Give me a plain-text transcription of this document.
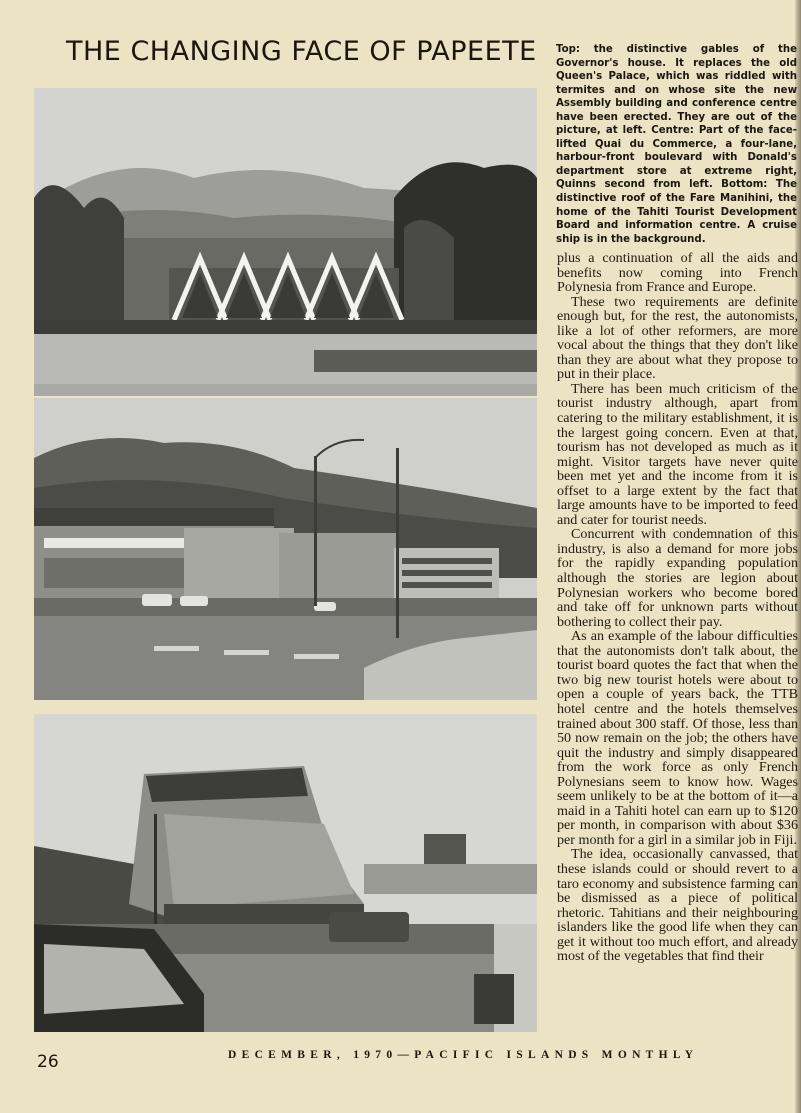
THE CHANGING FACE OF PAPEETE Top: the distinctive gables of the Governor's house. It replaces the old Queen's Palace, which was riddled with termites and on whose site the new Assembly building and conference centre have been erected. They are out of the picture, at left. Centre: Part of the face-lifted Quai du Commerce, a four-lane, harbour-front boulevard with Donald's department store at extreme right, Quinns second from left. Bottom: The distinctive roof of the Fare Manihini, the home of the Tahiti Tourist Development Board and information centre. A cruise ship is in the background.

plus a continuation of all the aids and benefits now coming into French Polynesia from France and Europe.

These two requirements are definite enough but, for the rest, the autonomists, like a lot of other reformers, are more vocal about the things that they don't like than they are about what they propose to put in their place.

There has been much criticism of the tourist industry although, apart from catering to the military establishment, it is the largest going concern. Even at that, tourism has not developed as much as it might. Visitor targets have never quite been met yet and the income from it is offset to a large extent by the fact that large amounts have to be imported to feed and cater for tourist needs.

Concurrent with condemnation of this industry, is also a demand for more jobs for the rapidly expanding population although the stories are legion about Polynesian workers who become bored and take off for unknown parts without bothering to collect their pay.

As an example of the labour difficulties that the autonomists don't talk about, the tourist board quotes the fact that when the two big new tourist hotels were about to open a couple of years back, the TTB hotel centre and the hotels themselves trained about 300 staff. Of those, less than 50 now remain on the job; the others have quit the industry and simply disappeared from the work force as only French Polynesians seem to know how. Wages seem unlikely to be at the bottom of it—a maid in a Tahiti hotel can earn up to $120 per month, in comparison with about $36 per month for a girl in a similar job in Fiji.

The idea, occasionally canvassed, that these islands could or should revert to a taro economy and subsistence farming can be dismissed as a piece of political rhetoric. Tahitians and their neighbouring islanders like the good life when they can get it without too much effort, and already most of the vegetables that find their

26	DECEMBER, 1970—PACIFIC ISLANDS MONTHLY
